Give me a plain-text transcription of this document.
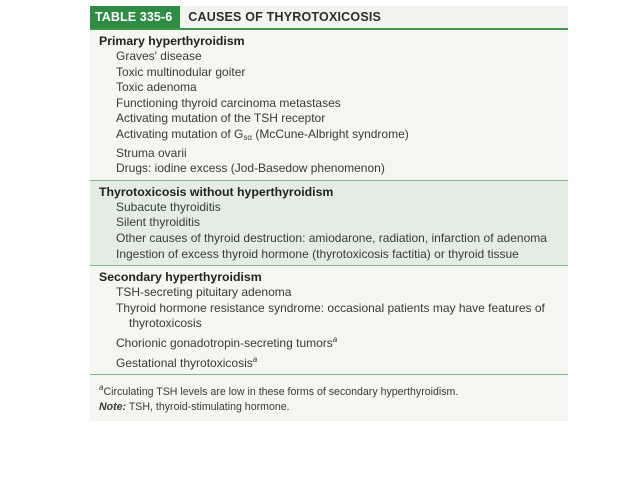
TABLE 335-6	CAUSES OF THYROTOXICOSIS
Primary hyperthyroidism
Graves' disease
Toxic multinodular goiter
Toxic adenoma
Functioning thyroid carcinoma metastases
Activating mutation of the TSH receptor
Activating mutation of $G_{s\alpha}$ (McCune-Albright syndrome)
Struma ovarii
Drugs: iodine excess (Jod-Basedow phenomenon)
Thyrotoxicosis without hyperthyroidism
Subacute thyroiditis
Silent thyroiditis
Other causes of thyroid destruction: amiodarone, radiation, infarction of adenoma
Ingestion of excess thyroid hormone (thyrotoxicosis factitia) or thyroid tissue
Secondary hyperthyroidism
TSH-secreting pituitary adenoma
Thyroid hormone resistance syndrome: occasional patients may have features of thyrotoxicosis
Chorionic gonadotropin-secreting tumors$^a$
Gestational thyrotoxicosis$^a$

$^a$Circulating TSH levels are low in these forms of secondary hyperthyroidism.

Note: TSH, thyroid-stimulating hormone.
